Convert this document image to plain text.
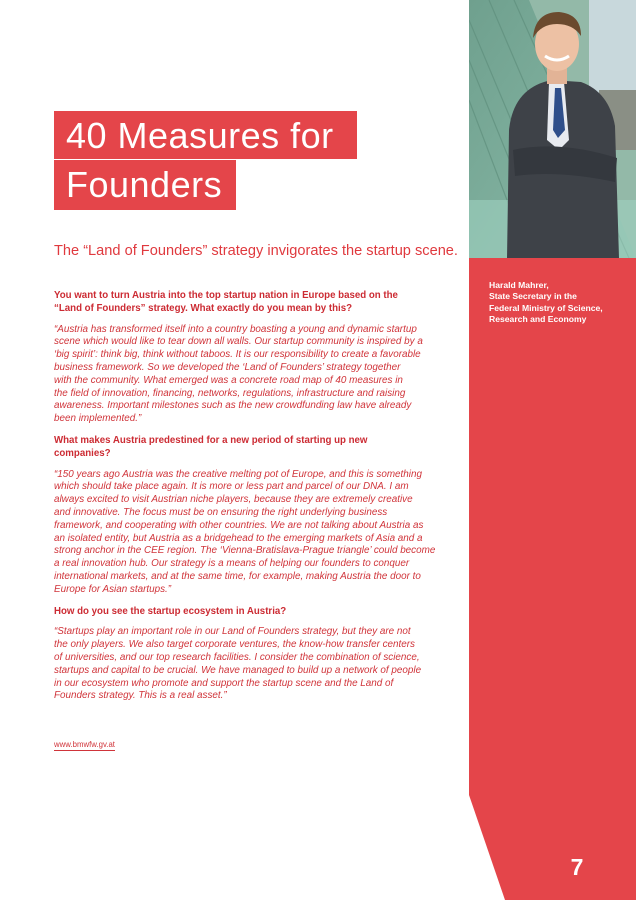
Harald Mahrer,
State Secretary in the
Federal Ministry of Science,
Research and Economy
40 Measures for
Founders
The “Land of Founders” strategy invigorates the startup scene.
You want to turn Austria into the top startup nation in Europe based on the
“Land of Founders” strategy. What exactly do you mean by this?
“Austria has transformed itself into a country boasting a young and dynamic startup
scene which would like to tear down all walls. Our startup community is inspired by a
‘big spirit’: think big, think without taboos. It is our responsibility to create a favorable
business framework. So we developed the ‘Land of Founders’ strategy together
with the community. What emerged was a concrete road map of 40 measures in
the field of innovation, financing, networks, regulations, infrastructure and raising
awareness. Important milestones such as the new crowdfunding law have already
been implemented.”
What makes Austria predestined for a new period of starting up new
companies?
“150 years ago Austria was the creative melting pot of Europe, and this is something
which should take place again. It is more or less part and parcel of our DNA. I am
always excited to visit Austrian niche players, because they are extremely creative
and innovative. The focus must be on ensuring the right underlying business
framework, and cooperating with other countries. We are not talking about Austria as
an isolated entity, but Austria as a bridgehead to the emerging markets of Asia and a
strong anchor in the CEE region. The ‘Vienna-Bratislava-Prague triangle’ could become
a real innovation hub. Our strategy is a means of helping our founders to conquer
international markets, and at the same time, for example, making Austria the door to
Europe for Asian startups.”
How do you see the startup ecosystem in Austria?
“Startups play an important role in our Land of Founders strategy, but they are not
the only players. We also target corporate ventures, the know-how transfer centers
of universities, and our top research facilities. I consider the combination of science,
startups and capital to be crucial. We have managed to build up a network of people
in our ecosystem who promote and support the startup scene and the Land of
Founders strategy. This is a real asset.”
www.bmwfw.gv.at
7
